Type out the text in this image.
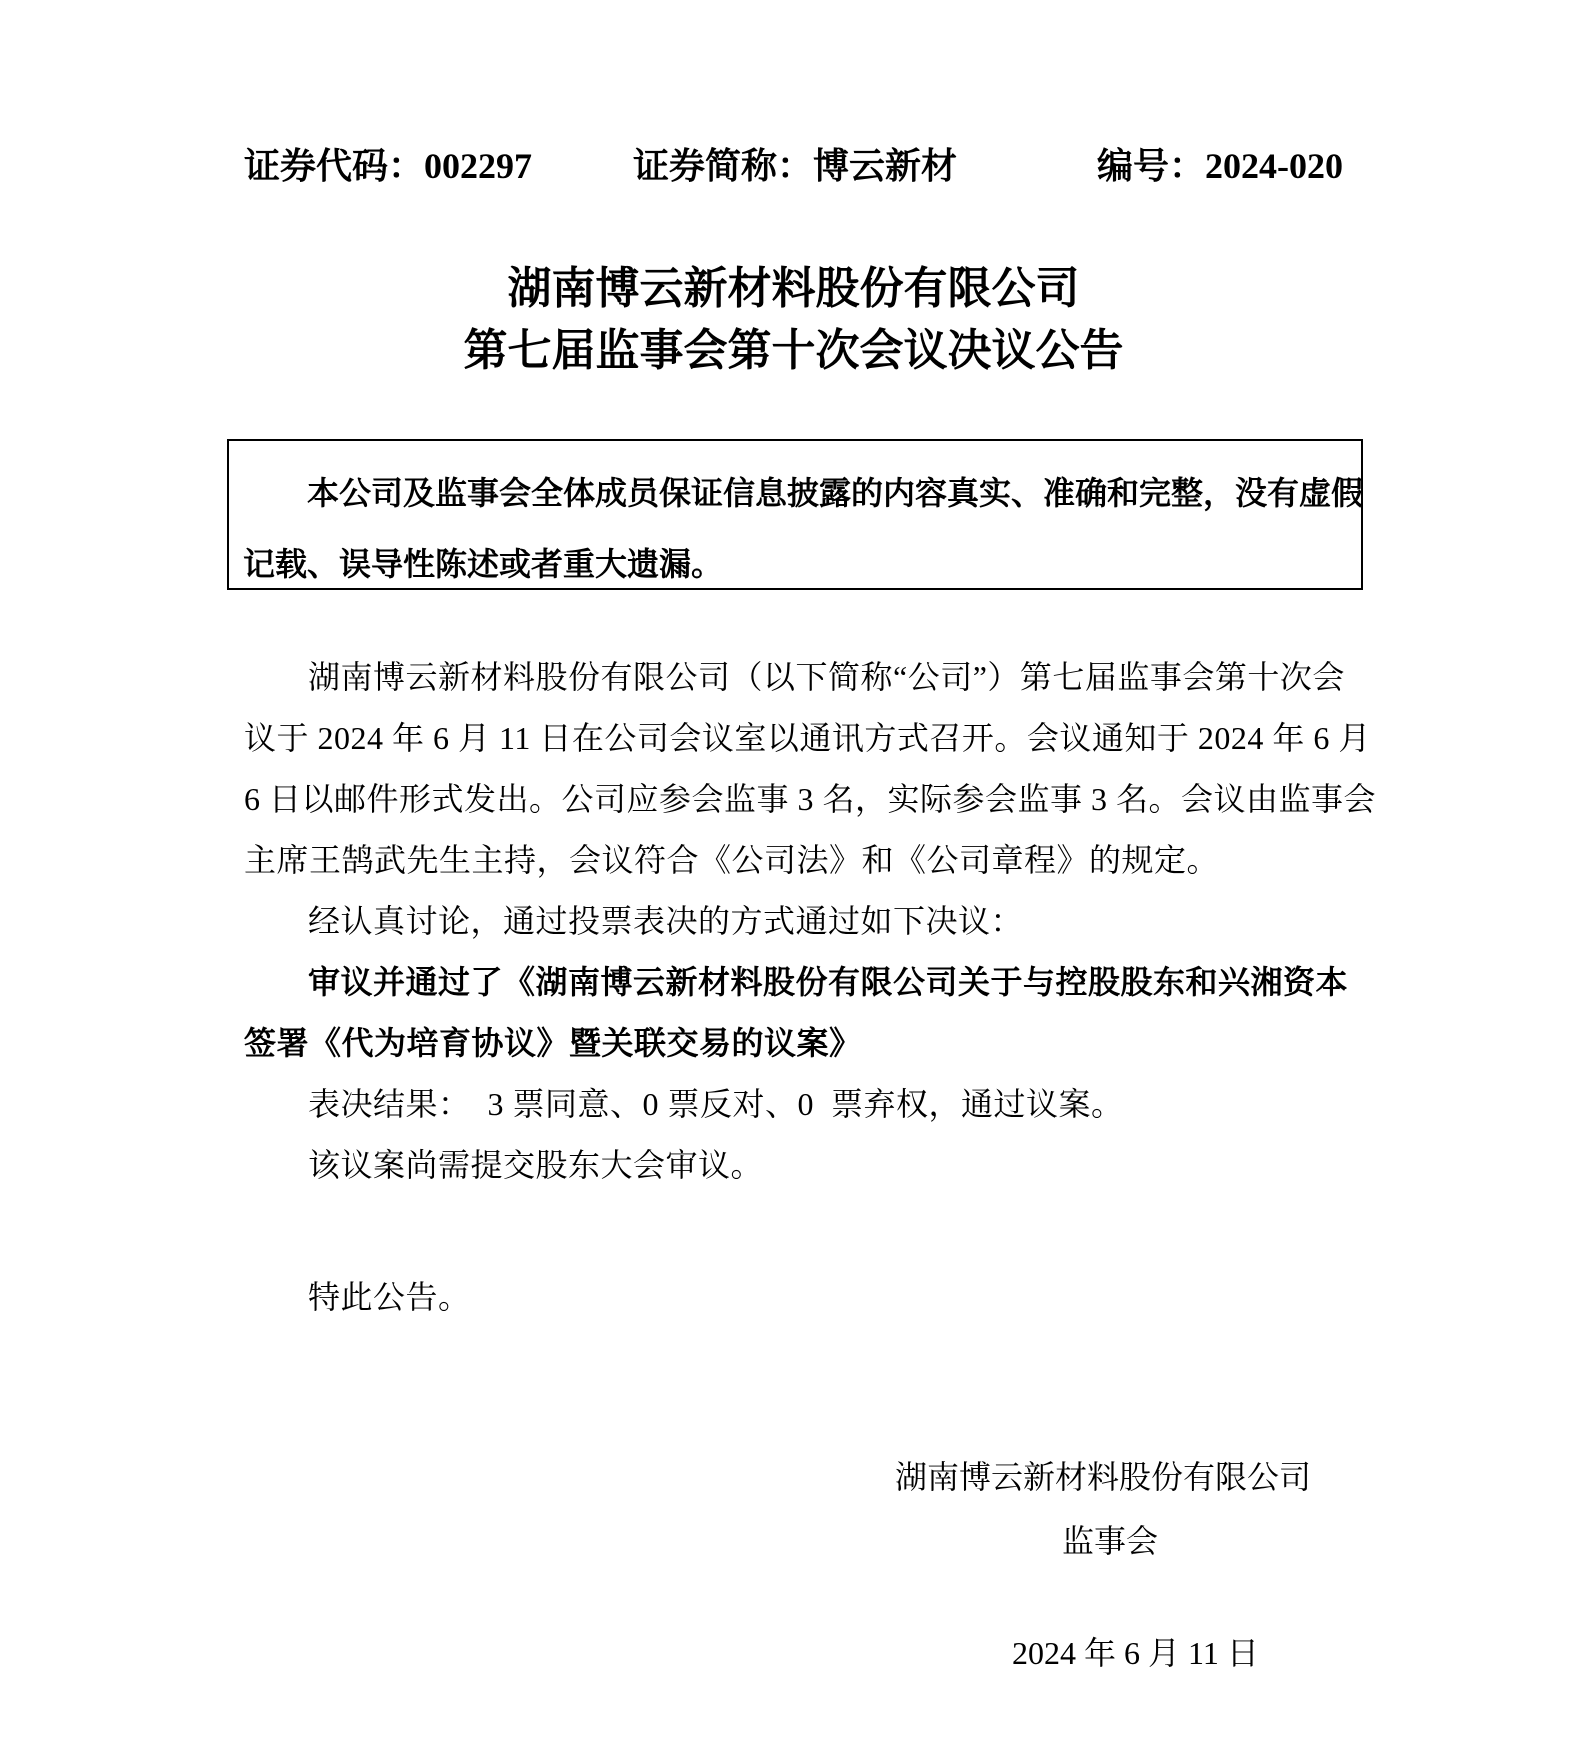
证券代码：002297	证券简称：博云新材	编号：2024-020
湖南博云新材料股份有限公司
第七届监事会第十次会议决议公告
本公司及监事会全体成员保证信息披露的内容真实、准确和完整，没有虚假
记载、误导性陈述或者重大遗漏。
湖南博云新材料股份有限公司（以下简称“公司”）第七届监事会第十次会
议于 2024 年 6 月 11 日在公司会议室以通讯方式召开。会议通知于 2024 年 6 月
6 日以邮件形式发出。公司应参会监事 3 名，实际参会监事 3 名。会议由监事会
主席王鹄武先生主持，会议符合《公司法》和《公司章程》的规定。
经认真讨论，通过投票表决的方式通过如下决议：
审议并通过了《湖南博云新材料股份有限公司关于与控股股东和兴湘资本
签署《代为培育协议》暨关联交易的议案》
表决结果：  3 票同意、0 票反对、0  票弃权，通过议案。
该议案尚需提交股东大会审议。
特此公告。
湖南博云新材料股份有限公司
监事会
2024 年 6 月 11 日
